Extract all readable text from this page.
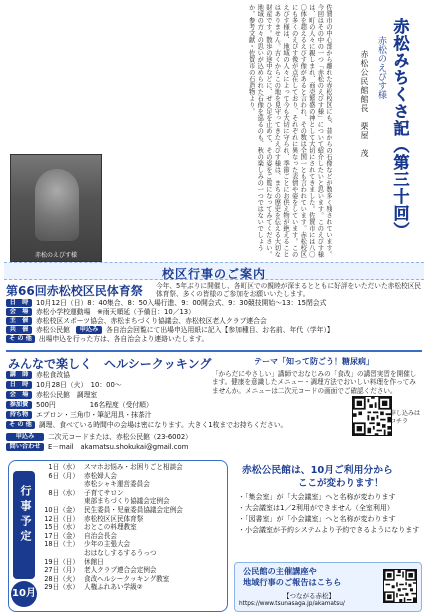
佐賀市の中心部から離れた赤松校区にも、昔からの石像などが数多く残されています。今回はその中の一つ「赤松のえびす様」について紹介したいと思います。このえびす様は、町の人々に親しまれ、商売繁盛の神として大切にされてきました。佐賀市には八〇〇体を超えるえびす像があると言われ、その数は全国一とも言われています。赤松校区にも多くのえびす像が点在しており、それぞれに異なった表情や姿をしています。このえびす様は、地域の人々によって今も大切に守られ、季節ごとにお供え物が絶えることはありません。古くからこの地を見守ってきたえびす様は、まちの歴史を伝える大切な財産です。散歩の途中などに、ぜひ足を止めて、その姿をご覧になってみてください。地域の方々の思いが込められた石像を巡るのも、秋の楽しみの一つではないでしょうか。参考文献・佐賀市の石造物より。
赤松のえびす様
赤松みちくさ記（第三十回）
赤松のえびす様
赤松公民館館長　栗屋　茂
校区行事のご案内
第66回赤松校区民体育祭 今年、5年ぶりに開催し、各町区での親睦が深まるとともに好評をいただいた赤松校区民体育祭、多くの皆様のご参加をお願いいたします。
日　時	10月12日（日）8：40集合、8：50入場行進、9：00開会式、9：30競技開始～13：15閉会式
会　場	赤松小学校運動場　※雨天順延（予備日：10／13）
主　催	赤松校区スポーツ協会、赤松まちづくり協議会、赤松校区老人クラブ連合会
共　催	赤松公民館	申込み	各自治会回覧にて出場申込用紙に記入【参加種目、お名前、年代（学年）】
そ の 他	出場申込を行った方は、各自治会より連絡いたします。
みんなで楽しく　ヘルシークッキング	テーマ「知って防ごう！糖尿病」
「からだにやさしい」講師でおなじみの「食改」の講習実習を開催します。健康を意識したメニュー・調理方法でおいしい料理を作ってみませんか。メニューは二次元コードの画面でご確認ください。
講　師	赤松食改協
日　時	10月28日（火）　10：00～
会　場	赤松公民館　調理室
参加費	500円　　　　　16名程度（受付順）
持ち物	エプロン・三角巾・筆記用具・抹茶汁
そ の 他	調理、食べている時間中の会場は密になります。大きく1枚までお持ちください。
申込み	二次元コードまたは、赤松公民館（23-6002）
問い合わせ	E－mail　akamatsu.shokukai@gmail.com
申し込みはコチラ
行事予定
10月
1日（水） スマホお悩み・お困りごと相談会
6日（月） 赤松婦人会
赤松シャキ運営委員会
8日（水） 子育てサロン
東部まちづくり協議会定例会
10日（金） 民生委員・児童委員協議会定例会
12日（日） 赤松校区区民体育祭
15日（水） おとこの料理教室
17日（金） 自治会長会
18日（土） 少年の主張大会
おはなしするするうっつ
19日（日） 休館日
27日（月） 老人クラブ連合会定例会
28日（火） 食改ヘルシークッキング教室
29日（水） 人権ふれあい学級②
赤松公民館は、10月ご利用分から
ここが変わります！
・ 「集会室」が「大会議室」へと名称が変わります
・ 大会議室は1／2利用ができません（全室利用）
・ 「図書室」が「小会議室」へと名称が変わります
・ 小会議室が予約システムより予約できるようになります
公民館の主催講座や
地域行事のご報告はこちら
【つながる赤松】
https://www.tsunasaga.jp/akamatsu/
